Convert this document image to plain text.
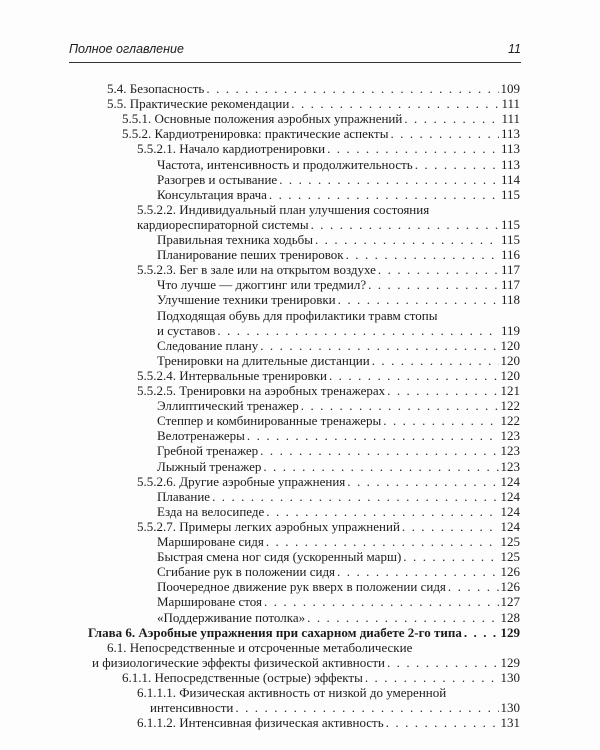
Полное оглавление	11
5.4. Безопасность . . .	109
5.5. Практические рекомендации . . .	111
5.5.1. Основные положения аэробных упражнений . . .	111
5.5.2. Кардиотренировка: практические аспекты . . .	113
5.5.2.1. Начало кардиотренировки . . .	113
Частота, интенсивность и продолжительность . . .	113
Разогрев и остывание . . .	114
Консультация врача . . .	115
5.5.2.2. Индивидуальный план улучшения состояния
кардиореспираторной системы . . .	115
Правильная техника ходьбы . . .	115
Планирование пеших тренировок . . .	116
5.5.2.3. Бег в зале или на открытом воздухе . . .	117
Что лучше — джоггинг или тредмил? . . .	117
Улучшение техники тренировки . . .	118
Подходящая обувь для профилактики травм стопы
и суставов . . .	119
Следование плану . . .	120
Тренировки на длительные дистанции . . .	120
5.5.2.4. Интервальные тренировки . . .	120
5.5.2.5. Тренировки на аэробных тренажерах . . .	121
Эллиптический тренажер . . .	122
Степпер и комбинированные тренажеры . . .	122
Велотренажеры . . .	123
Гребной тренажер . . .	123
Лыжный тренажер . . .	123
5.5.2.6. Другие аэробные упражнения . . .	124
Плавание . . .	124
Езда на велосипеде . . .	124
5.5.2.7. Примеры легких аэробных упражнений . . .	124
Маршироване сидя . . .	125
Быстрая смена ног сидя (ускоренный марш) . . .	125
Сгибание рук в положении сидя . . .	126
Поочередное движение рук вверх в положении сидя . . .	126
Маршироване стоя . . .	127
«Поддерживание потолка» . . .	128
Глава 6. Аэробные упражнения при сахарном диабете 2-го типа . . .	129
6.1. Непосредственные и отсроченные метаболические
и физиологические эффекты физической активности . . .	129
6.1.1. Непосредственные (острые) эффекты . . .	130
6.1.1.1. Физическая активность от низкой до умеренной
интенсивности . . .	130
6.1.1.2. Интенсивная физическая активность . . .	131
